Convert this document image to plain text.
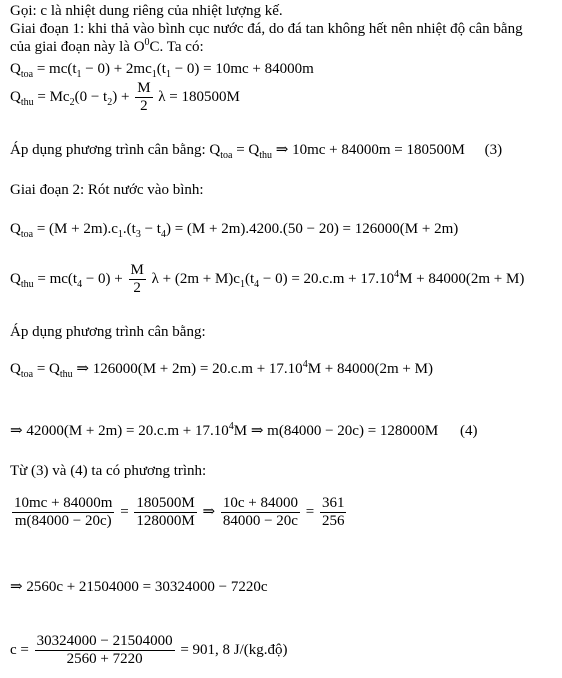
Gọi: c là nhiệt dung riêng của nhiệt lượng kế.
Giai đoạn 1: khi thả vào bình cục nước đá, do đá tan không hết nên nhiệt độ cân bằng
của giai đoạn này là $O^0C$. Ta có:
$Q_{toa} = mc(t_1 - 0) + 2mc_1(t_1 - 0) = 10mc + 84000m$
$Q_{thu} = Mc_2(0 - t_2) + \frac{M}{2}$ λ = 180500M
Áp dụng phương trình cân bằng: $Q_{toa} = Q_{thu}$ ⇒ 10mc + 84000m = 180500M (3)
Giai đoạn 2: Rót nước vào bình:
$Q_{toa} = (M + 2m).c_1.(t_3 - t_4) = (M + 2m).4200.(50 - 20) = 126000(M + 2m)$
$Q_{thu} = mc(t_4 - 0) + \frac{M}{2}$ $\lambda + (2m + M)c_1(t_4 - 0) = 20.c.m + 17.10^4M + 84000(2m + M)$
Áp dụng phương trình cân bằng:
$Q_{toa} = Q_{thu}$ ⇒ $126000(M + 2m) = 20.c.m + 17.10^4M + 84000(2m + M)$
⇒ $42000(M + 2m) = 20.c.m + 17.10^4M$ ⇒ m(84000 − 20c) = 128000M (4)
Từ (3) và (4) ta có phương trình:
$\frac{10mc + 84000m}{m(84000 - 20c)} = \frac{180500M}{128000M}$ ⇒ $\frac{10c + 84000}{84000 - 20c} = \frac{361}{256}$
⇒ 2560c + 21504000 = 30324000 − 7220c
$c = \frac{30324000 - 21504000}{2560 + 7220} = 901$, 8 J/(kg.độ)
